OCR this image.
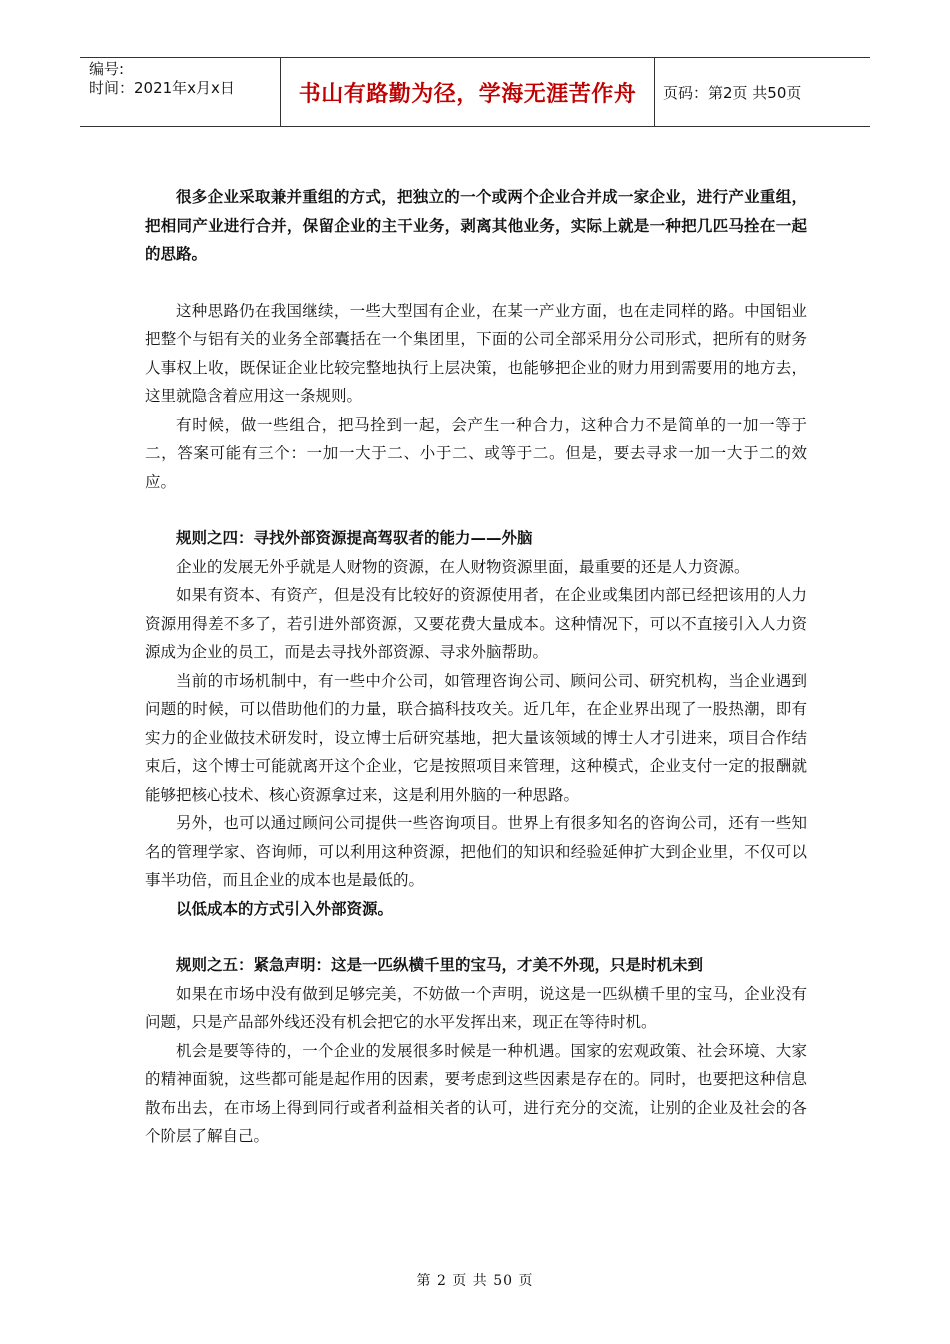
编号:
时间：2021年x月x日	书山有路勤为径，学海无涯苦作舟	页码：第2页 共50页

很多企业采取兼并重组的方式，把独立的一个或两个企业合并成一家企业，进行产业重组，把相同产业进行合并，保留企业的主干业务，剥离其他业务，实际上就是一种把几匹马拴在一起的思路。

这种思路仍在我国继续，一些大型国有企业，在某一产业方面，也在走同样的路。中国铝业把整个与铝有关的业务全部囊括在一个集团里，下面的公司全部采用分公司形式，把所有的财务人事权上收，既保证企业比较完整地执行上层决策，也能够把企业的财力用到需要用的地方去，这里就隐含着应用这一条规则。

有时候，做一些组合，把马拴到一起，会产生一种合力，这种合力不是简单的一加一等于二，答案可能有三个：一加一大于二、小于二、或等于二。但是，要去寻求一加一大于二的效应。

规则之四：寻找外部资源提高驾驭者的能力——外脑

企业的发展无外乎就是人财物的资源，在人财物资源里面，最重要的还是人力资源。

如果有资本、有资产，但是没有比较好的资源使用者，在企业或集团内部已经把该用的人力资源用得差不多了，若引进外部资源，又要花费大量成本。这种情况下，可以不直接引入人力资源成为企业的员工，而是去寻找外部资源、寻求外脑帮助。

当前的市场机制中，有一些中介公司，如管理咨询公司、顾问公司、研究机构，当企业遇到问题的时候，可以借助他们的力量，联合搞科技攻关。近几年，在企业界出现了一股热潮，即有实力的企业做技术研发时，设立博士后研究基地，把大量该领域的博士人才引进来，项目合作结束后，这个博士可能就离开这个企业，它是按照项目来管理，这种模式，企业支付一定的报酬就能够把核心技术、核心资源拿过来，这是利用外脑的一种思路。

另外，也可以通过顾问公司提供一些咨询项目。世界上有很多知名的咨询公司，还有一些知名的管理学家、咨询师，可以利用这种资源，把他们的知识和经验延伸扩大到企业里，不仅可以事半功倍，而且企业的成本也是最低的。

以低成本的方式引入外部资源。

规则之五：紧急声明：这是一匹纵横千里的宝马，才美不外现，只是时机未到

如果在市场中没有做到足够完美，不妨做一个声明，说这是一匹纵横千里的宝马，企业没有问题，只是产品部外线还没有机会把它的水平发挥出来，现正在等待时机。

机会是要等待的，一个企业的发展很多时候是一种机遇。国家的宏观政策、社会环境、大家的精神面貌，这些都可能是起作用的因素，要考虑到这些因素是存在的。同时，也要把这种信息散布出去，在市场上得到同行或者利益相关者的认可，进行充分的交流，让别的企业及社会的各个阶层了解自己。

第 2 页 共 50 页
